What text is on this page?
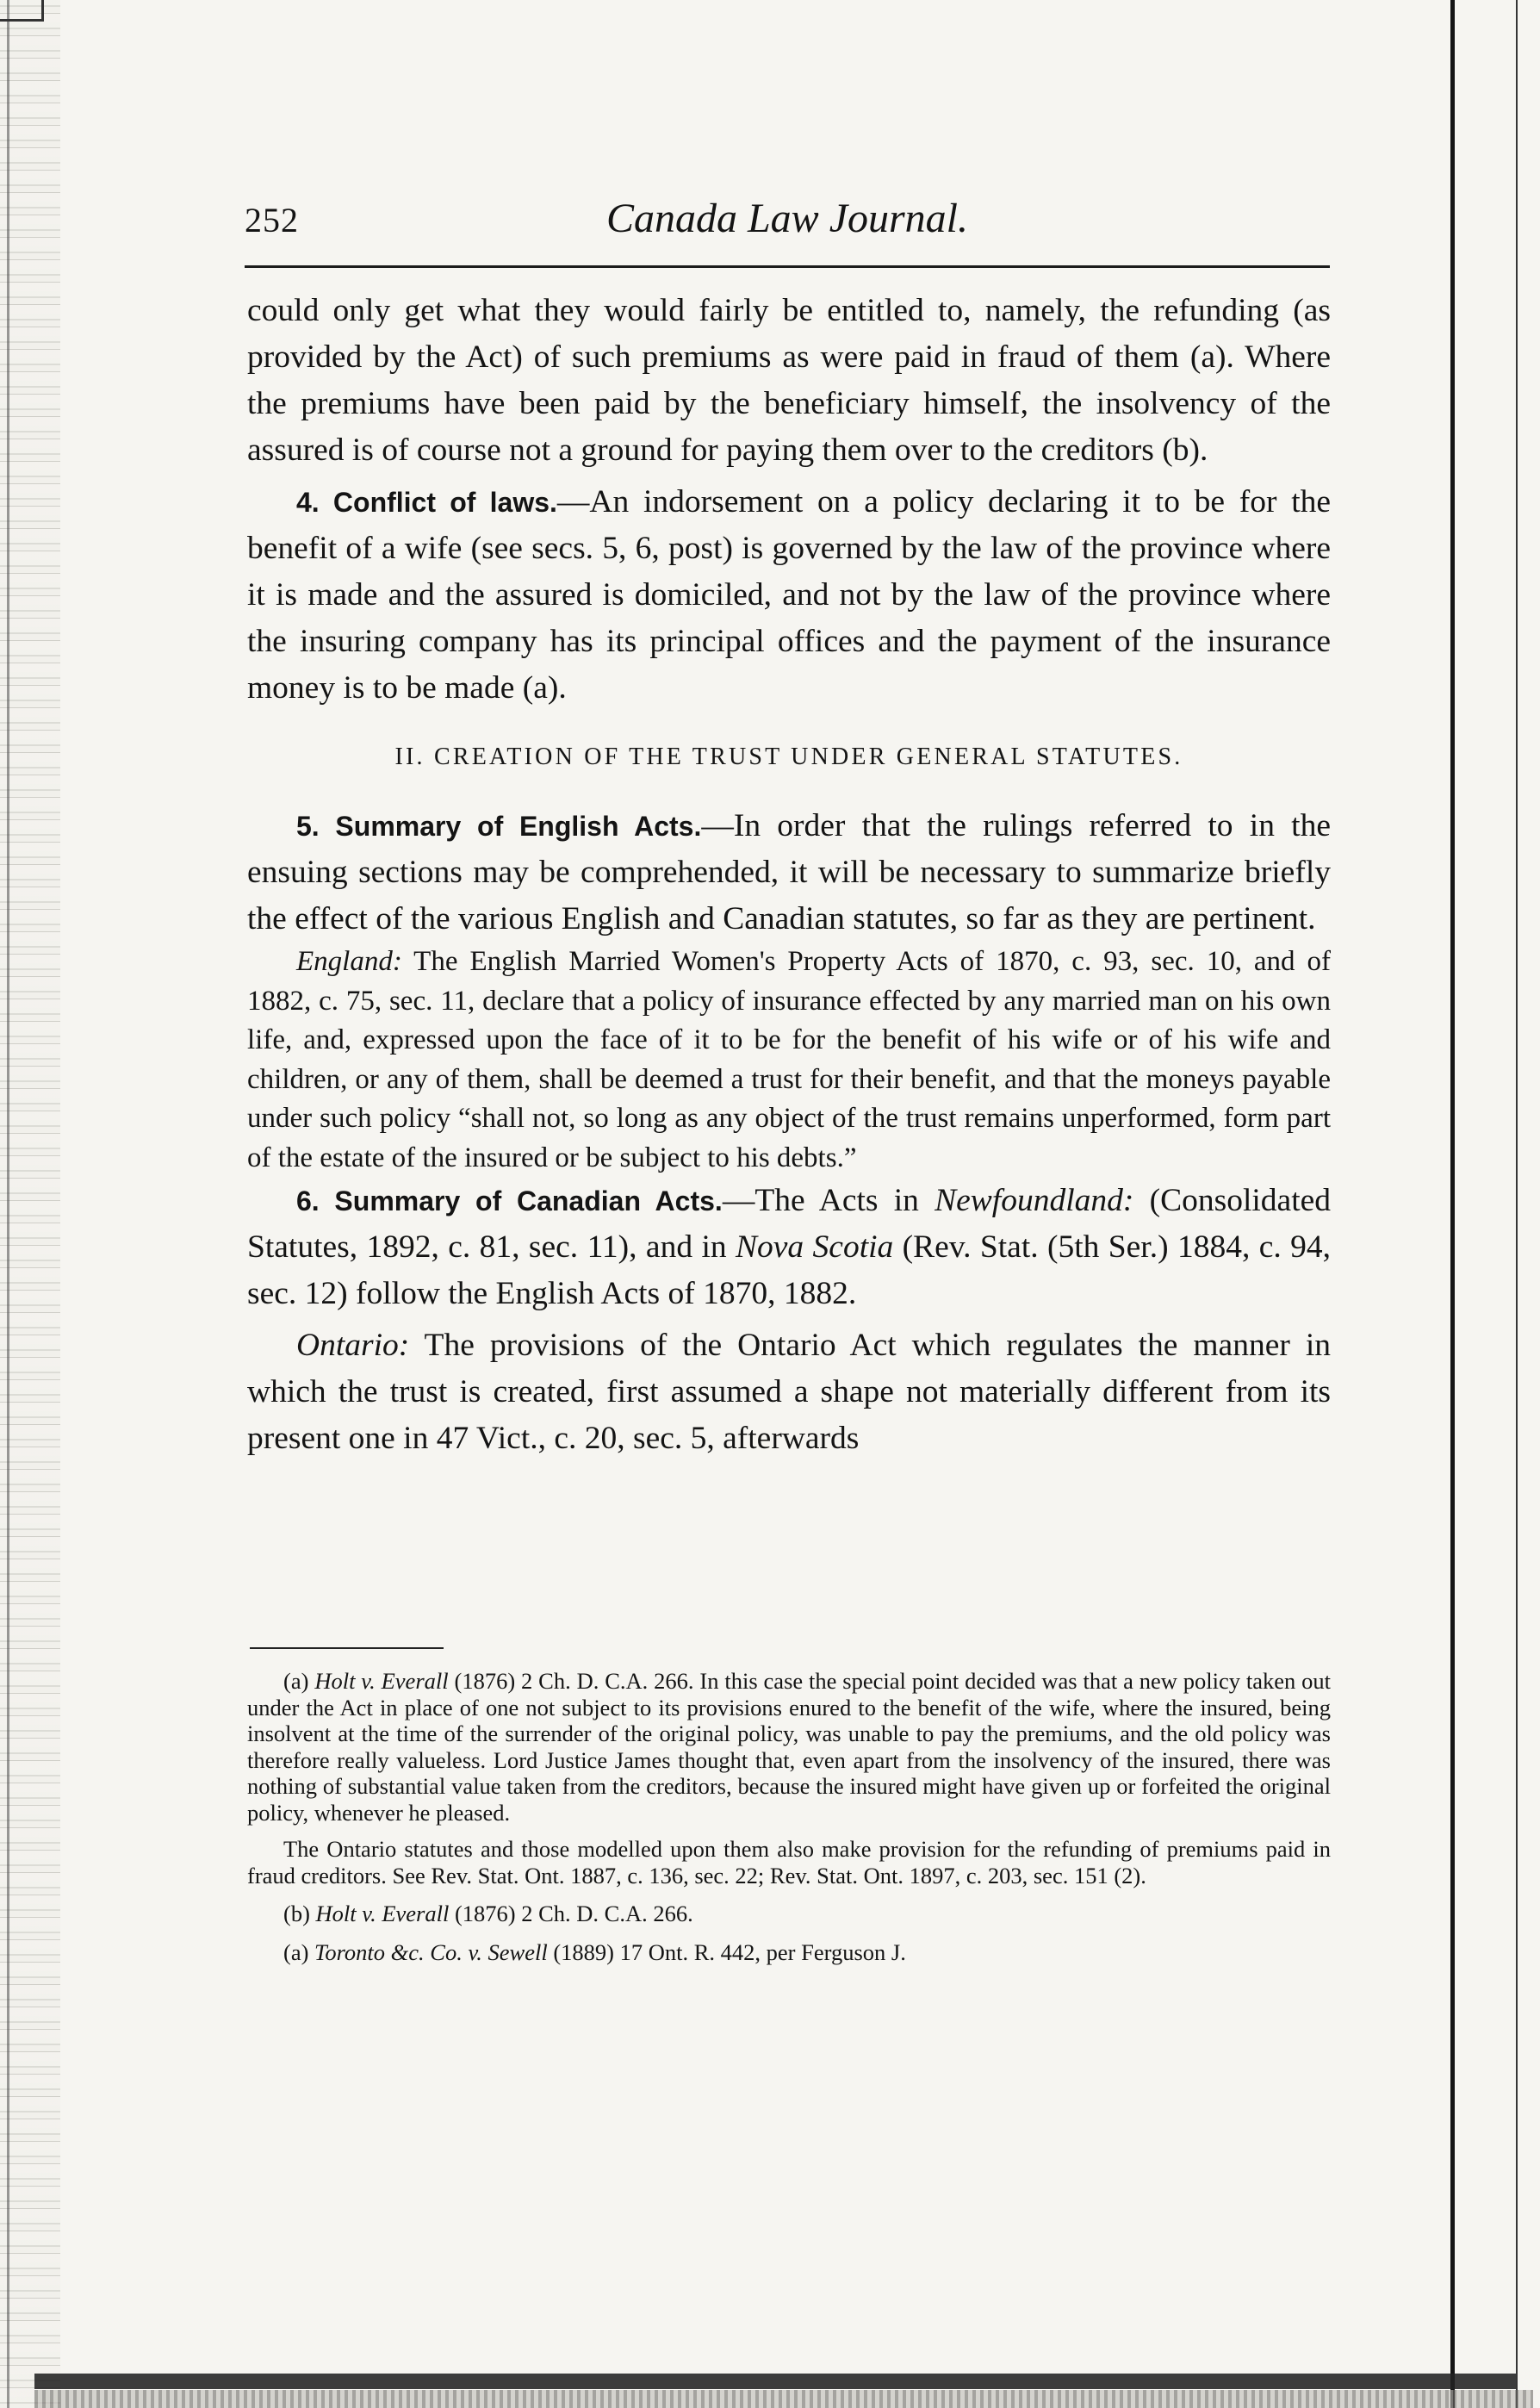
252	Canada Law Journal.

could only get what they would fairly be entitled to, namely, the refunding (as provided by the Act) of such premiums as were paid in fraud of them (a). Where the premiums have been paid by the beneficiary himself, the insolvency of the assured is of course not a ground for paying them over to the creditors (b).

4. Conflict of laws.—An indorsement on a policy declaring it to be for the benefit of a wife (see secs. 5, 6, post) is governed by the law of the province where it is made and the assured is domiciled, and not by the law of the province where the insuring company has its principal offices and the payment of the insurance money is to be made (a).

II. CREATION OF THE TRUST UNDER GENERAL STATUTES.

5. Summary of English Acts.—In order that the rulings referred to in the ensuing sections may be comprehended, it will be necessary to summarize briefly the effect of the various English and Canadian statutes, so far as they are pertinent.

England: The English Married Women's Property Acts of 1870, c. 93, sec. 10, and of 1882, c. 75, sec. 11, declare that a policy of insurance effected by any married man on his own life, and, expressed upon the face of it to be for the benefit of his wife or of his wife and children, or any of them, shall be deemed a trust for their benefit, and that the moneys payable under such policy “shall not, so long as any object of the trust remains unperformed, form part of the estate of the insured or be subject to his debts.”

6. Summary of Canadian Acts.—The Acts in Newfoundland: (Consolidated Statutes, 1892, c. 81, sec. 11), and in Nova Scotia (Rev. Stat. (5th Ser.) 1884, c. 94, sec. 12) follow the English Acts of 1870, 1882.

Ontario: The provisions of the Ontario Act which regulates the manner in which the trust is created, first assumed a shape not materially different from its present one in 47 Vict., c. 20, sec. 5, afterwards

(a) Holt v. Everall (1876) 2 Ch. D. C.A. 266. In this case the special point decided was that a new policy taken out under the Act in place of one not subject to its provisions enured to the benefit of the wife, where the insured, being insolvent at the time of the surrender of the original policy, was unable to pay the premiums, and the old policy was therefore really valueless. Lord Justice James thought that, even apart from the insolvency of the insured, there was nothing of substantial value taken from the creditors, because the insured might have given up or forfeited the original policy, whenever he pleased.

The Ontario statutes and those modelled upon them also make provision for the refunding of premiums paid in fraud creditors. See Rev. Stat. Ont. 1887, c. 136, sec. 22; Rev. Stat. Ont. 1897, c. 203, sec. 151 (2).

(b) Holt v. Everall (1876) 2 Ch. D. C.A. 266.

(a) Toronto &c. Co. v. Sewell (1889) 17 Ont. R. 442, per Ferguson J.
